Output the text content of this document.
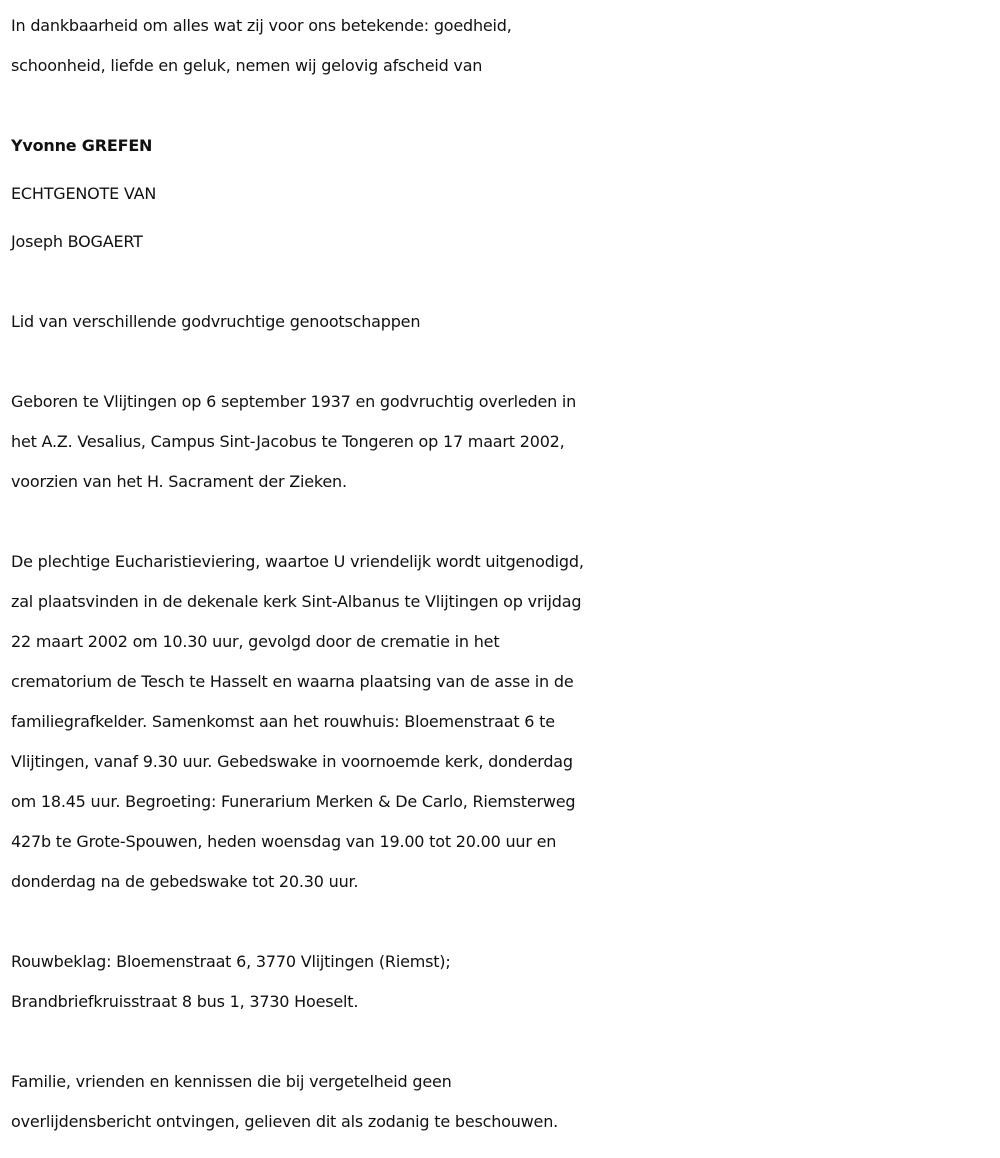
In dankbaarheid om alles wat zij voor ons betekende: goedheid,
schoonheid, liefde en geluk, nemen wij gelovig afscheid van
Yvonne GREFEN
ECHTGENOTE VAN
Joseph BOGAERT
Lid van verschillende godvruchtige genootschappen
Geboren te Vlijtingen op 6 september 1937 en godvruchtig overleden in
het A.Z. Vesalius, Campus Sint-Jacobus te Tongeren op 17 maart 2002,
voorzien van het H. Sacrament der Zieken.
De plechtige Eucharistieviering, waartoe U vriendelijk wordt uitgenodigd,
zal plaatsvinden in de dekenale kerk Sint-Albanus te Vlijtingen op vrijdag
22 maart 2002 om 10.30 uur, gevolgd door de crematie in het
crematorium de Tesch te Hasselt en waarna plaatsing van de asse in de
familiegrafkelder. Samenkomst aan het rouwhuis: Bloemenstraat 6 te
Vlijtingen, vanaf 9.30 uur. Gebedswake in voornoemde kerk, donderdag
om 18.45 uur. Begroeting: Funerarium Merken & De Carlo, Riemsterweg
427b te Grote-Spouwen, heden woensdag van 19.00 tot 20.00 uur en
donderdag na de gebedswake tot 20.30 uur.
Rouwbeklag: Bloemenstraat 6, 3770 Vlijtingen (Riemst);
Brandbriefkruisstraat 8 bus 1, 3730 Hoeselt.
Familie, vrienden en kennissen die bij vergetelheid geen
overlijdensbericht ontvingen, gelieven dit als zodanig te beschouwen.
